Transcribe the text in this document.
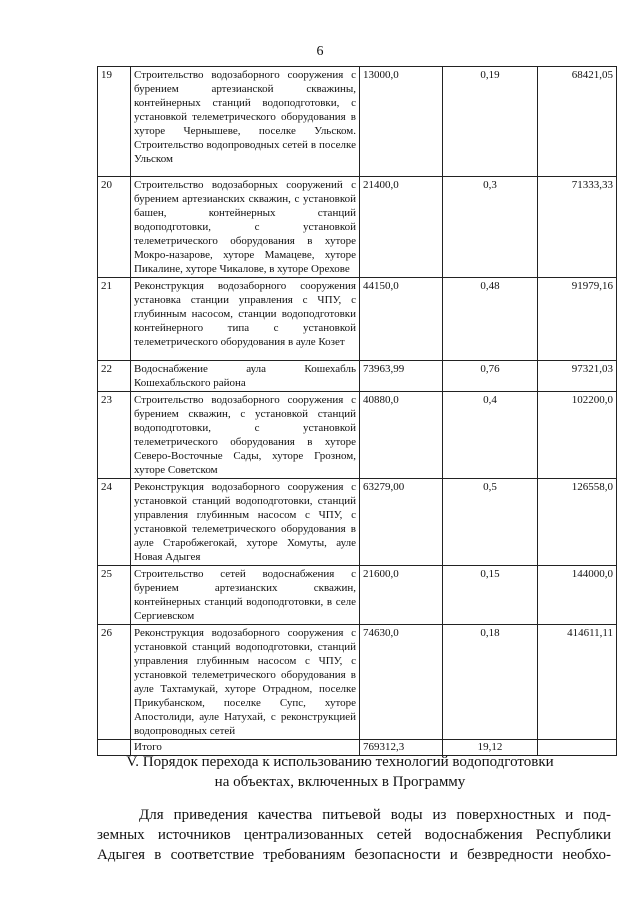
6
19	Строительство водозаборного сооружения с бурением артезианской скважины, контейнерных станций водоподготовки, с установкой телеметрического оборудования в хуторе Чернышеве, поселке Ульском. Строительство водопроводных сетей в поселке Ульском	13000,0	0,19	68421,05
20	Строительство водозаборных сооружений с бурением артезианских скважин, с установкой башен, контейнерных станций водоподготовки, с установкой телеметрического оборудования в хуторе Мокро-назарове, хуторе Мамацеве, хуторе Пикалине, хуторе Чикалове, в хуторе Орехове	21400,0	0,3	71333,33
21	Реконструкция водозаборного сооружения установка станции управления с ЧПУ, с глубинным насосом, станции водоподготовки контейнерного типа с установкой телеметрического оборудования в ауле Козет	44150,0	0,48	91979,16
22	Водоснабжение аула Кошехабль Кошехабльского района	73963,99	0,76	97321,03
23	Строительство водозаборного сооружения с бурением скважин, с установкой станций водоподготовки, с установкой телеметрического оборудования в хуторе Северо-Восточные Сады, хуторе Грозном, хуторе Советском	40880,0	0,4	102200,0
24	Реконструкция водозаборного сооружения с установкой станций водоподготовки, станций управления глубинным насосом с ЧПУ, с установкой телеметрического оборудования в ауле Старобжегокай, хуторе Хомуты, ауле Новая Адыгея	63279,00	0,5	126558,0
25	Строительство сетей водоснабжения с бурением артезианских скважин, контейнерных станций водоподготовки, в селе Сергиевском	21600,0	0,15	144000,0
26	Реконструкция водозаборного сооружения с установкой станций водоподготовки, станций управления глубинным насосом с ЧПУ, с установкой телеметрического оборудования в ауле Тахтамукай, хуторе Отрадном, поселке Прикубанском, поселке Супс, хуторе Апостолиди, ауле Натухай, с реконструкцией водопроводных сетей	74630,0	0,18	414611,11
	Итого	769312,3	19,12	
V. Порядок перехода к использованию технологий водоподготовки
на объектах, включенных в Программу
Для приведения качества питьевой воды из поверхностных и под-
земных источников централизованных сетей водоснабжения Республики
Адыгея в соответствие требованиям безопасности и безвредности необхо-
